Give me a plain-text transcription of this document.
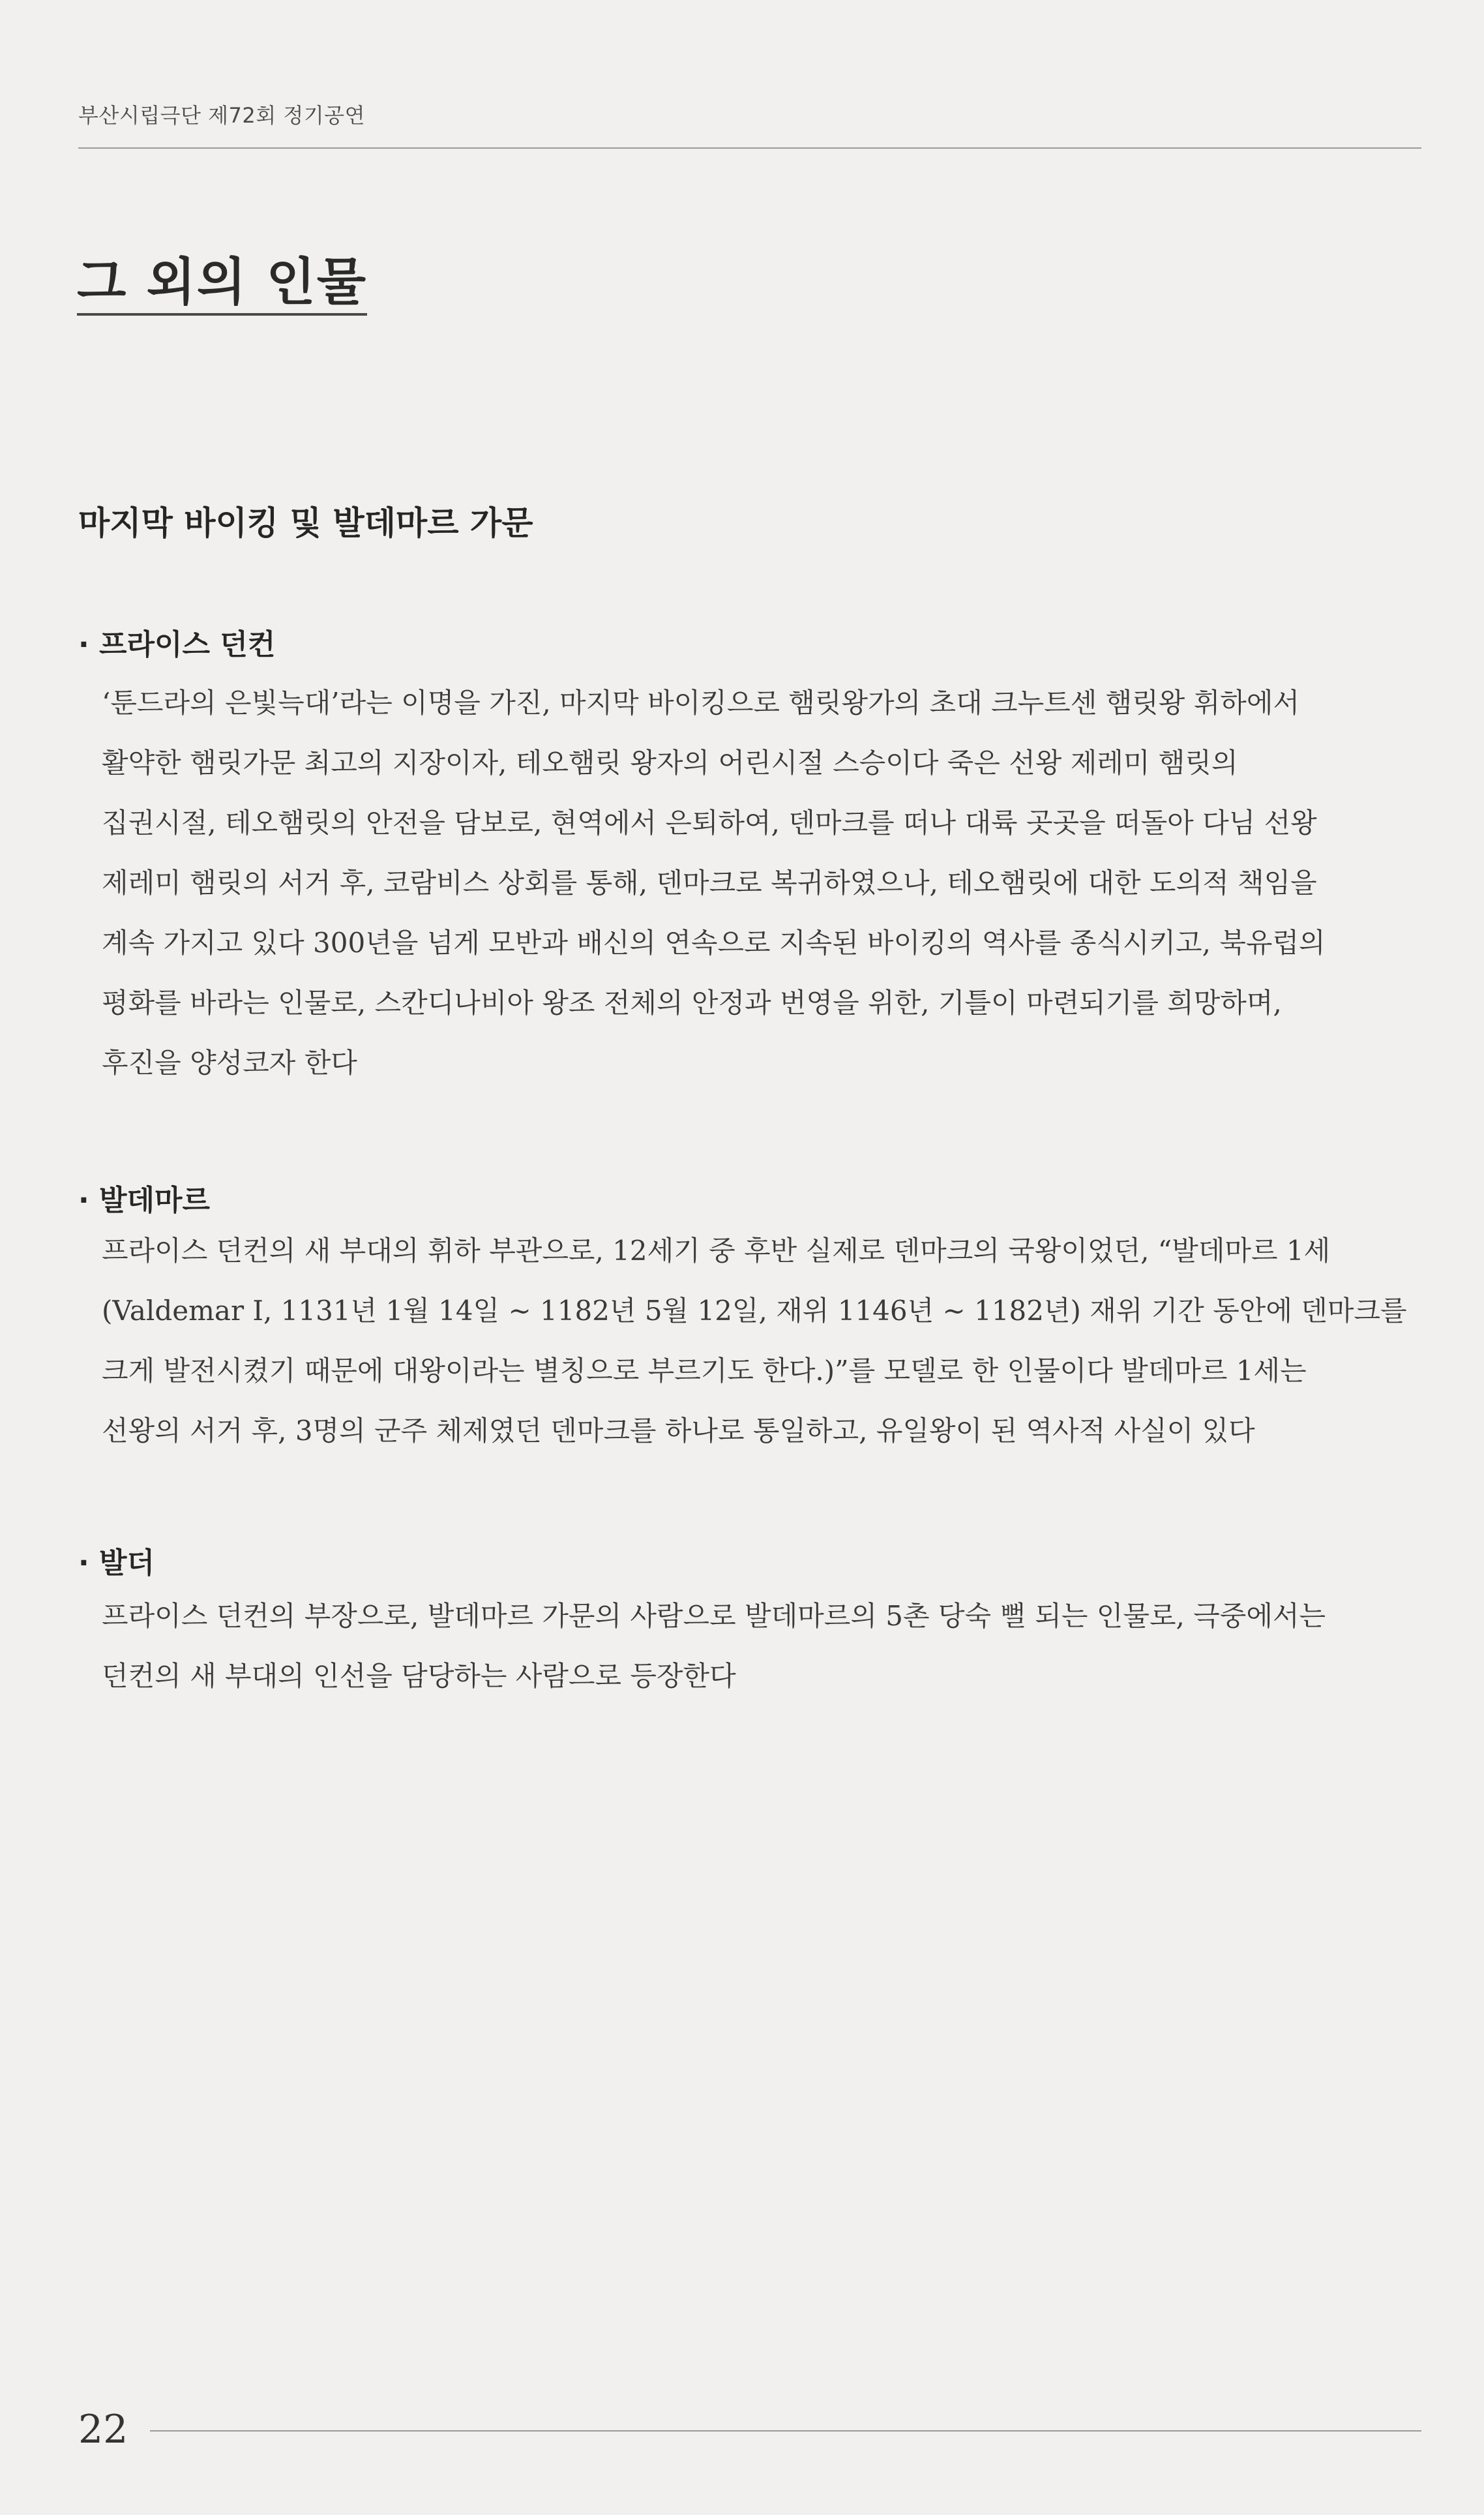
부산시립극단 제72회 정기공연
그 외의 인물
마지막 바이킹 및 발데마르 가문
· 프라이스 던컨
‘툰드라의 은빛늑대’라는 이명을 가진, 마지막 바이킹으로 햄릿왕가의 초대 크누트센 햄릿왕 휘하에서
활약한 햄릿가문 최고의 지장이자, 테오햄릿 왕자의 어린시절 스승이다 죽은 선왕 제레미 햄릿의
집권시절, 테오햄릿의 안전을 담보로, 현역에서 은퇴하여, 덴마크를 떠나 대륙 곳곳을 떠돌아 다님 선왕
제레미 햄릿의 서거 후, 코람비스 상회를 통해, 덴마크로 복귀하였으나, 테오햄릿에 대한 도의적 책임을
계속 가지고 있다 300년을 넘게 모반과 배신의 연속으로 지속된 바이킹의 역사를 종식시키고, 북유럽의
평화를 바라는 인물로, 스칸디나비아 왕조 전체의 안정과 번영을 위한, 기틀이 마련되기를 희망하며,
후진을 양성코자 한다
· 발데마르
프라이스 던컨의 새 부대의 휘하 부관으로, 12세기 중 후반 실제로 덴마크의 국왕이었던, “발데마르 1세
(Valdemar I, 1131년 1월 14일 ~ 1182년 5월 12일, 재위 1146년 ~ 1182년) 재위 기간 동안에 덴마크를
크게 발전시켰기 때문에 대왕이라는 별칭으로 부르기도 한다.)”를 모델로 한 인물이다 발데마르 1세는
선왕의 서거 후, 3명의 군주 체제였던 덴마크를 하나로 통일하고, 유일왕이 된 역사적 사실이 있다
· 발더
프라이스 던컨의 부장으로, 발데마르 가문의 사람으로 발데마르의 5촌 당숙 뻘 되는 인물로, 극중에서는
던컨의 새 부대의 인선을 담당하는 사람으로 등장한다
22
